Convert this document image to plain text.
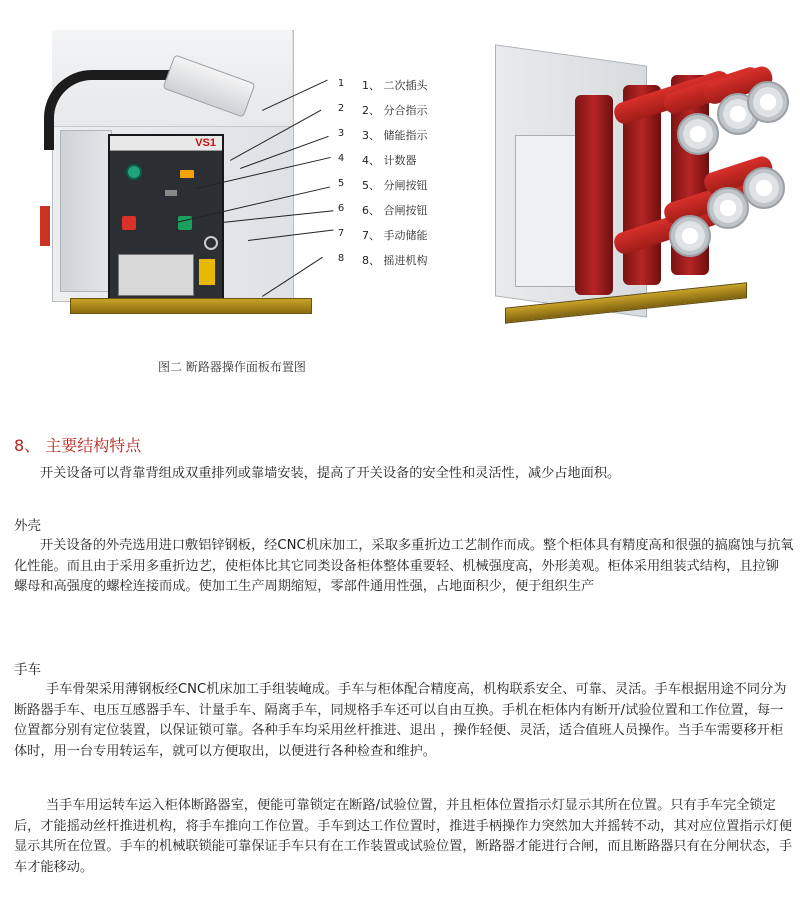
VS1
1
2
3
4
5
6
7
8
1、 二次插头
2、 分合指示
3、 储能指示
4、 计数器
5、 分闸按钮
6、 合闸按钮
7、 手动储能
8、 摇进机构
图二 断路器操作面板布置图
8、 主要结构特点

开关设备可以背靠背组成双重排列或靠墙安装，提高了开关设备的安全性和灵活性，减少占地面积。

外壳

开关设备的外壳选用进口敷铝锌钢板，经CNC机床加工，采取多重折边工艺制作而成。整个柜体具有精度高和很强的搞腐蚀与抗氧化性能。而且由于采用多重折边艺，使柜体比其它同类设备柜体整体重要轻、机械强度高，外形美观。柜体采用组装式结构，且拉铆 螺母和高强度的螺栓连接而成。使加工生产周期缩短，零部件通用性强，占地面积少，便于组织生产

手车

手车骨架采用薄钢板经CNC机床加工手组装崦成。手车与柜体配合精度高，机构联系安全、可靠、灵活。手车根据用途不同分为断路器手车、电压互感器手车、计量手车、隔离手车，同规格手车还可以自由互换。手机在柜体内有断开/试验位置和工作位置，每一位置都分别有定位装置，以保证锁可靠。各种手车均采用丝杆推进、退出 ，操作轻便、灵活，适合值班人员操作。当手车需要移开柜体时，用一台专用转运车，就可以方便取出，以便进行各种检查和维护。

当手车用运转车运入柜体断路器室，便能可靠锁定在断路/试验位置，并且柜体位置指示灯显示其所在位置。只有手车完全锁定后，才能摇动丝杆推进机构，将手车推向工作位置。手车到达工作位置时，推进手柄操作力突然加大并摇转不动，其对应位置指示灯便显示其所在位置。手车的机械联锁能可靠保证手车只有在工作装置或试验位置，断路器才能进行合闸，而且断路器只有在分闸状态，手车才能移动。
